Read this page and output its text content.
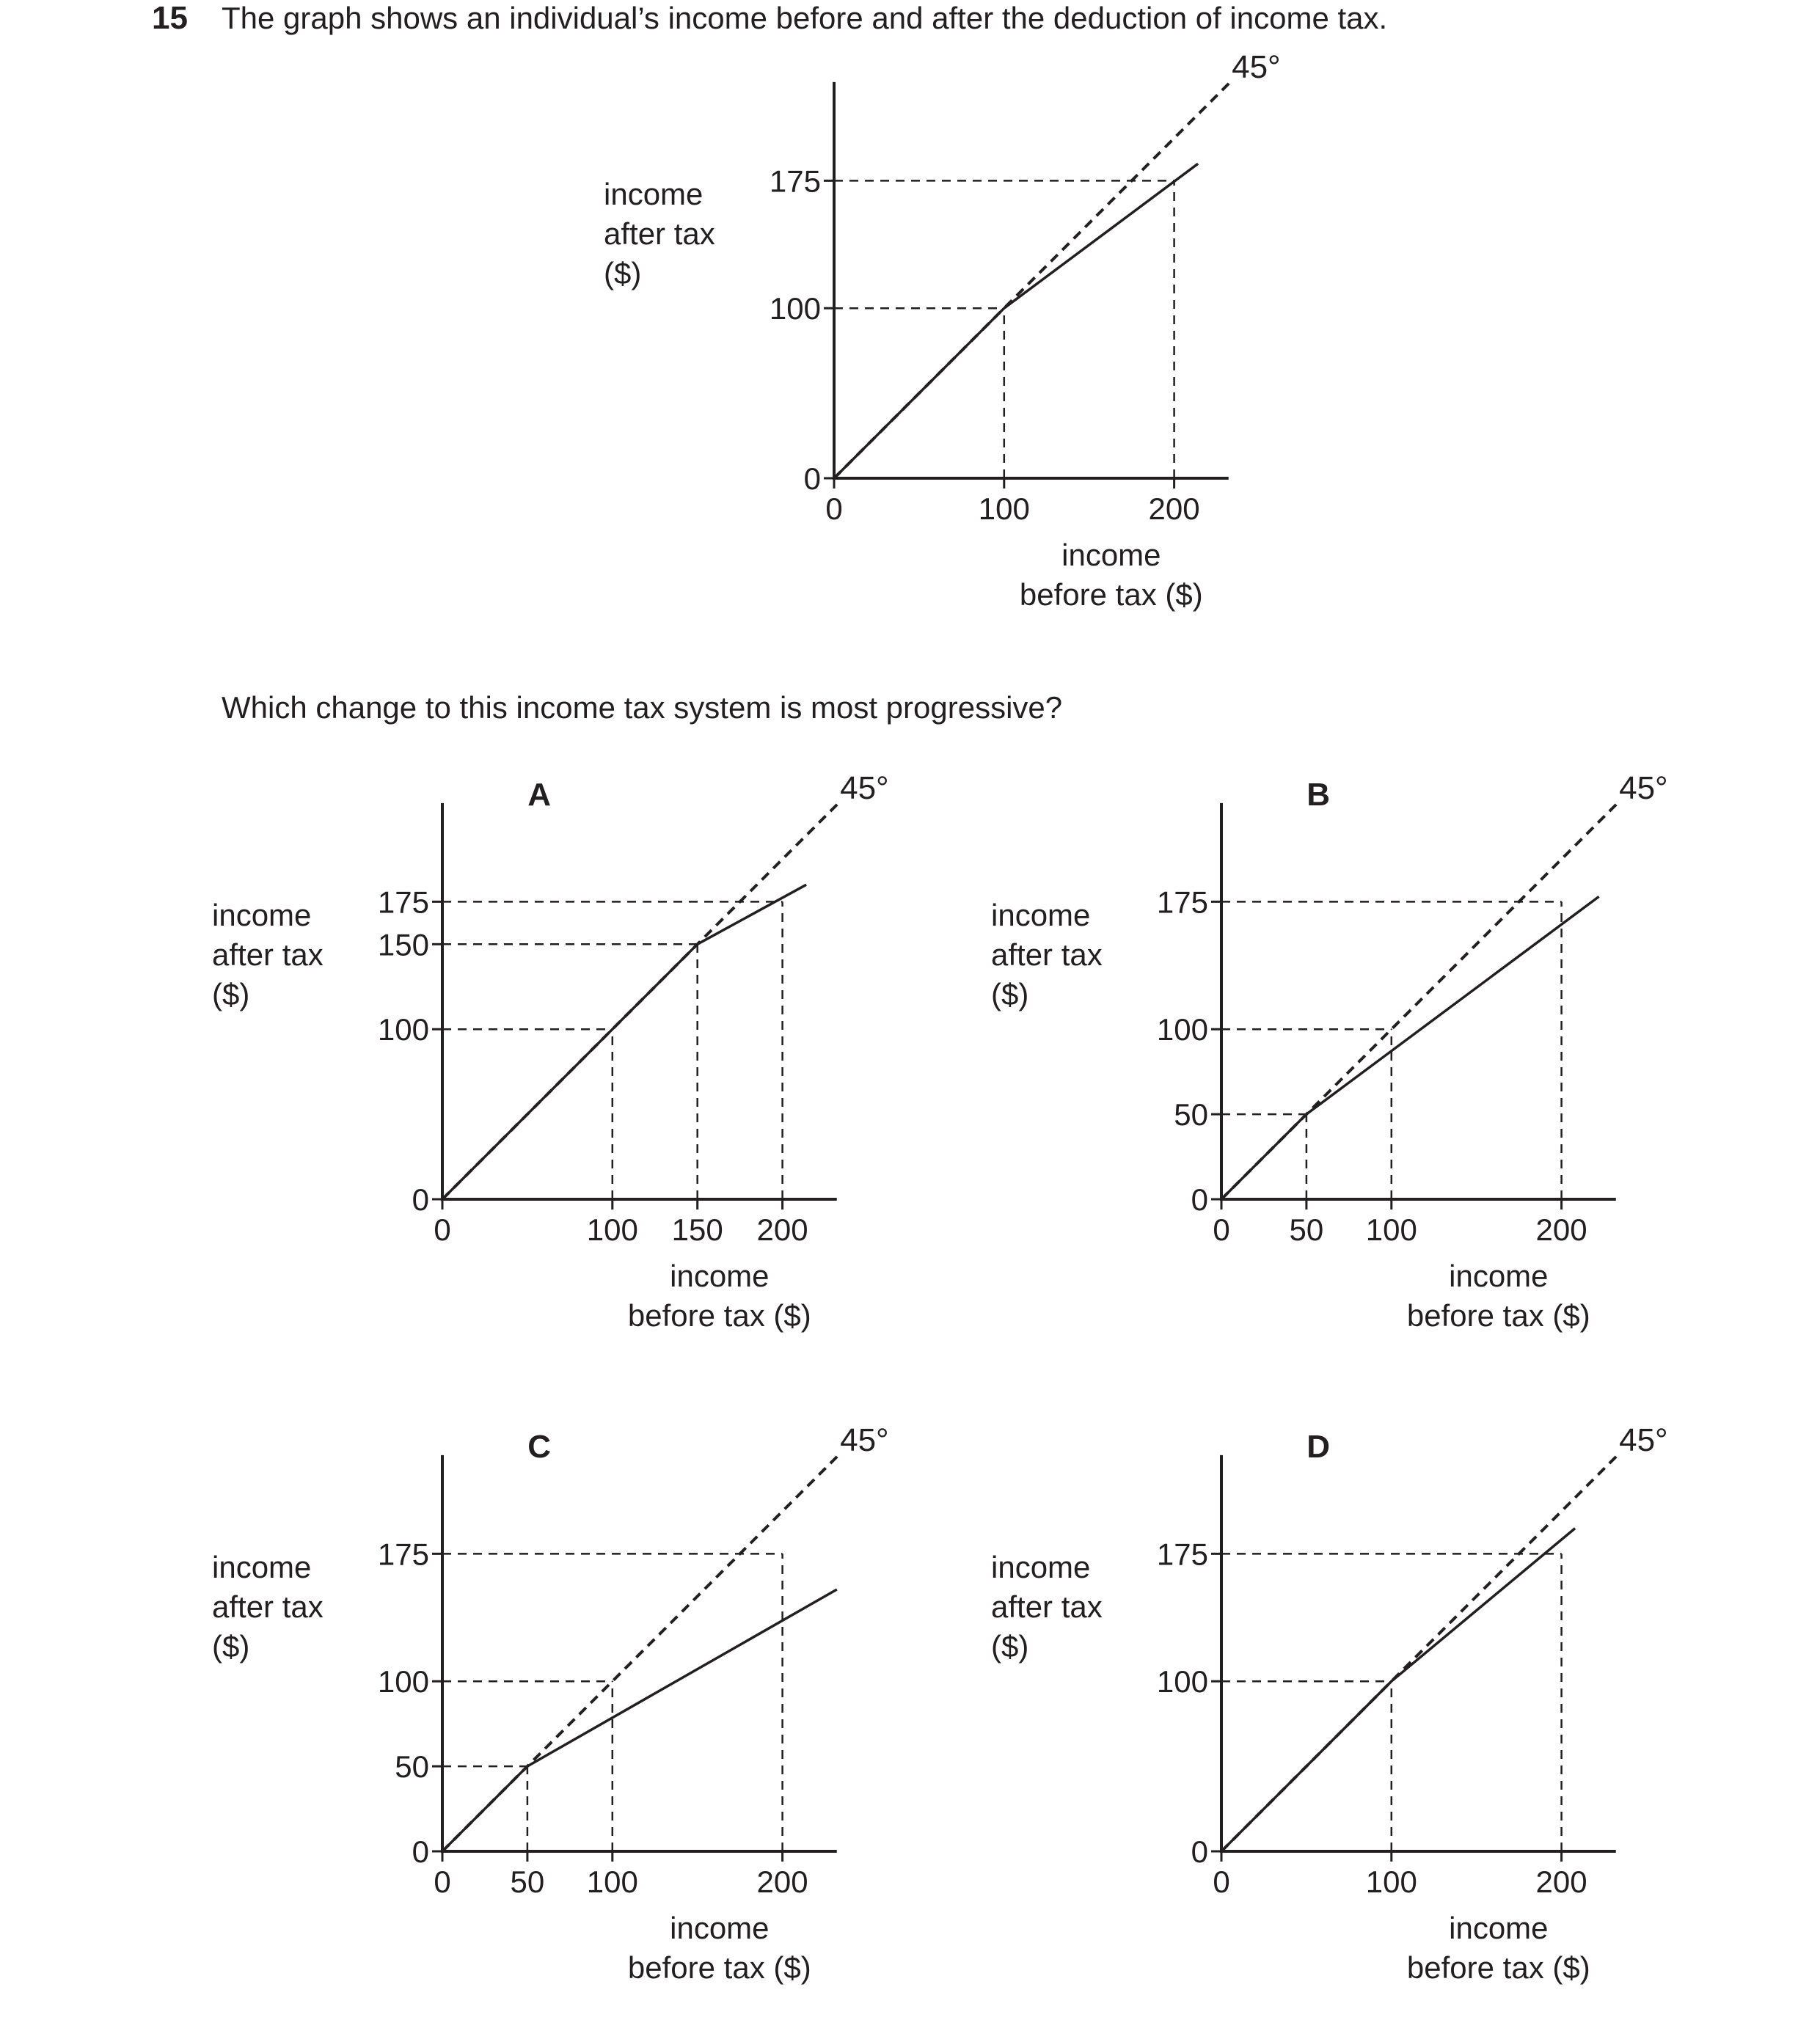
15 The graph shows an individual’s income before and after the deduction of income tax.
Which change to this income tax system is most progressive?
45°
0
100
175
0	100	200
income
after tax
($)
income
before tax ($)
45°
0
100
150
175
0	100 150 200
A
income
after tax
($)
income
before tax ($)
45°
0
50
100
175
0 50 100	200
B
income
after tax
($)
income
before tax ($)
45°
0
50
100
175
0 50 100	200
C
income
after tax
($)
income
before tax ($)
45°
0
100
175
0	100	200
D
income
after tax
($)
income
before tax ($)
